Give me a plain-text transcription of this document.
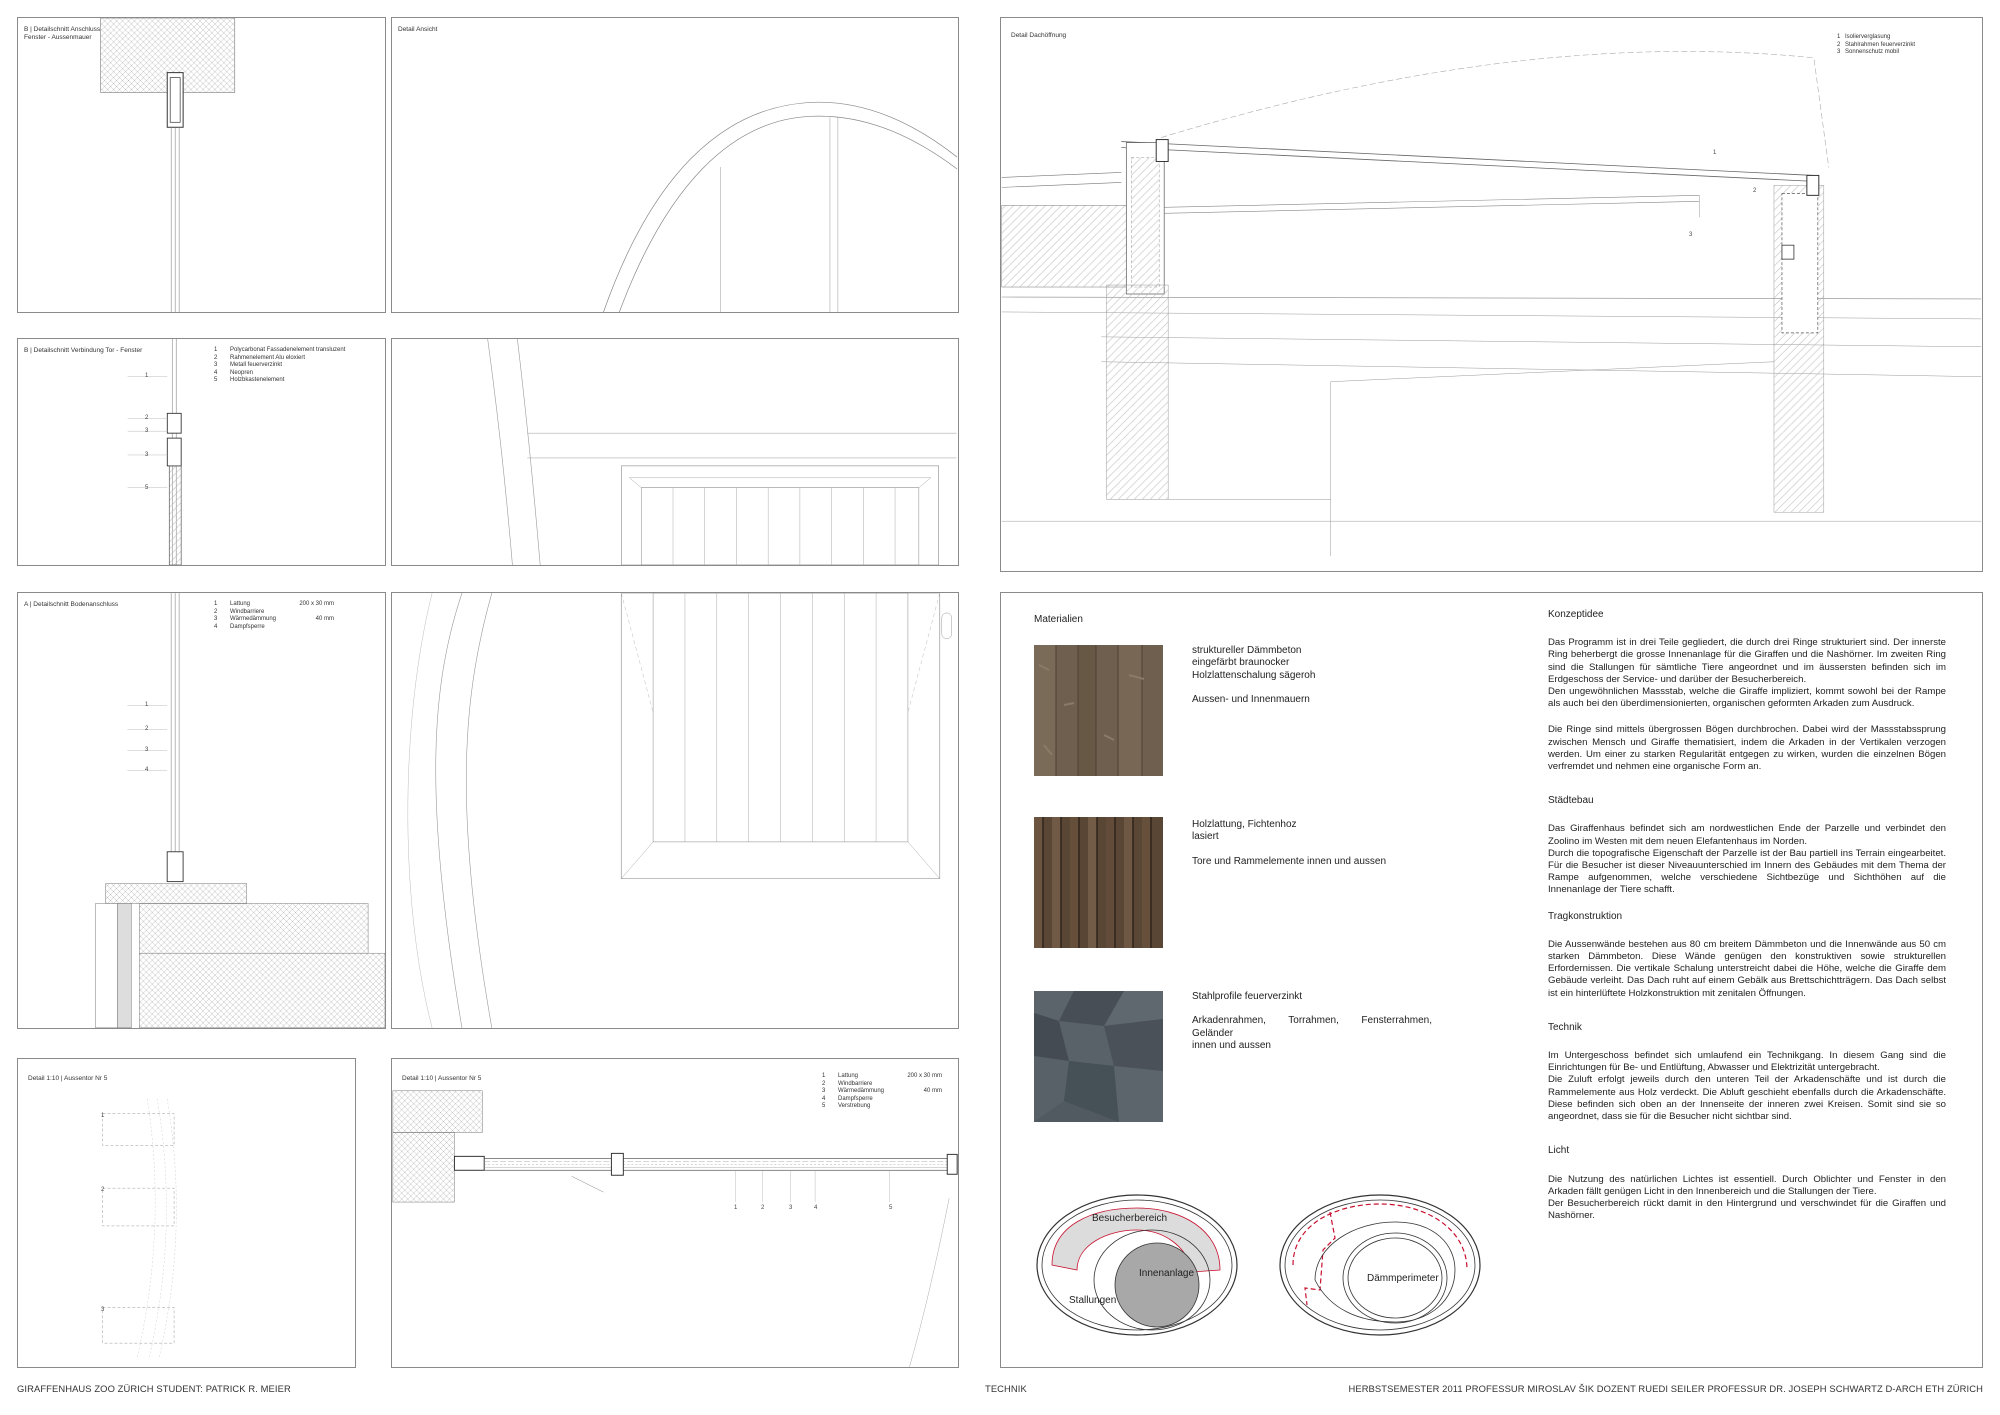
B | Detailschnitt Anschluss
Fenster - Aussenmauer
B | Detailschnitt Verbindung Tor - Fenster
1
2
3
3
5
1	Polycarbonat Fassadenelement transluzent
2	Rahmenelement Alu eloxiert
3	Metall feuerverzinkt
4	Neopren
5	Holzbkastenelement
A | Detailschnitt Bodenanschluss
1
2
3
4
1	Lattung	200 x 30 mm
2	Windbarriere
3	Wärmedämmung	40 mm
4	Dampfsperre
Detail 1:10 | Aussentor Nr 5
1
2
3
Detail Ansicht
Detail 1:10 | Aussentor Nr 5
1	2	3	4	5
1	Lattung	200 x 30 mm
2	Windbarriere
3	Wärmedämmung	40 mm
4	Dampfsperre
5	Verstrebung
Detail Dachöffnung
1
2
3
1 Isolierverglasung
2 Stahlrahmen feuerverzinkt
3 Sonnenschutz mobil
Materialien

struktureller Dämmbeton

eingefärbt braunocker

Holzlattenschalung sägeroh

Aussen- und Innenmauern

Holzlattung, Fichtenhoz

lasiert

Tore und Rammelemente innen und aussen

Stahlprofile feuerverzinkt

Arkadenrahmen, Torrahmen, Fensterrahmen, Geländer
innen und aussen

Besucherbereich
Stallungen
Innenanlage	Dämmperimeter
Konzeptidee

Das Programm ist in drei Teile gegliedert, die durch drei Ringe strukturiert sind. Der innerste Ring beherbergt die grosse Innenanlage für die Giraffen und die Nashörner. Im zweiten Ring sind die Stallungen für sämtliche Tiere angeordnet und im äussersten befinden sich im Erdgeschoss der Service- und darüber der Besucherbereich.
Den ungewöhnlichen Massstab, welche die Giraffe impliziert, kommt sowohl bei der Rampe als auch bei den überdimensionierten, organischen geformten Arkaden zum Ausdruck.

Die Ringe sind mittels übergrossen Bögen durchbrochen. Dabei wird der Massstabssprung zwischen Mensch und Giraffe thematisiert, indem die Arkaden in der Vertikalen verzogen werden. Um einer zu starken Regularität entgegen zu wirken, wurden die einzelnen Bögen verfremdet und nehmen eine organische Form an.

Städtebau

Das Giraffenhaus befindet sich am nordwestlichen Ende der Parzelle und verbindet den Zoolino im Westen mit dem neuen Elefantenhaus im Norden.
Durch die topografische Eigenschaft der Parzelle ist der Bau partiell ins Terrain eingearbeitet. Für die Besucher ist dieser Niveauunterschied im Innern des Gebäudes mit dem Thema der Rampe aufgenommen, welche verschiedene Sichtbezüge und Sichthöhen auf die Innenanlage der Tiere schafft.

Tragkonstruktion

Die Aussenwände bestehen aus 80 cm breitem Dämmbeton und die Innenwände aus 50 cm starken Dämmbeton. Diese Wände genügen den konstruktiven sowie strukturellen Erfordernissen. Die vertikale Schalung unterstreicht dabei die Höhe, welche die Giraffe dem Gebäude verleiht. Das Dach ruht auf einem Gebälk aus Brettschichtträgern. Das Dach selbst ist ein hinterlüftete Holzkonstruktion mit zenitalen Öffnungen.

Technik

Im Untergeschoss befindet sich umlaufend ein Technikgang. In diesem Gang sind die Einrichtungen für Be- und Entlüftung, Abwasser und Elektrizität untergebracht.
Die Zuluft erfolgt jeweils durch den unteren Teil der Arkadenschäfte und ist durch die Rammelemente aus Holz verdeckt. Die Abluft geschieht ebenfalls durch die Arkadenschäfte. Diese befinden sich oben an der Innenseite der inneren zwei Kreisen. Somit sind sie so angeordnet, dass sie für die Besucher nicht sichtbar sind.

Licht

Die Nutzung des natürlichen Lichtes ist essentiell. Durch Oblichter und Fenster in den Arkaden fällt genügen Licht in den Innenbereich und die Stallungen der Tiere.
Der Besucherbereich rückt damit in den Hintergrund und verschwindet für die Giraffen und Nashörner.

GIRAFFENHAUS ZOO ZÜRICH STUDENT: PATRICK R. MEIER	TECHNIK	HERBSTSEMESTER 2011 PROFESSUR MIROSLAV ŠIK DOZENT RUEDI SEILER PROFESSUR DR. JOSEPH SCHWARTZ D-ARCH ETH ZÜRICH
